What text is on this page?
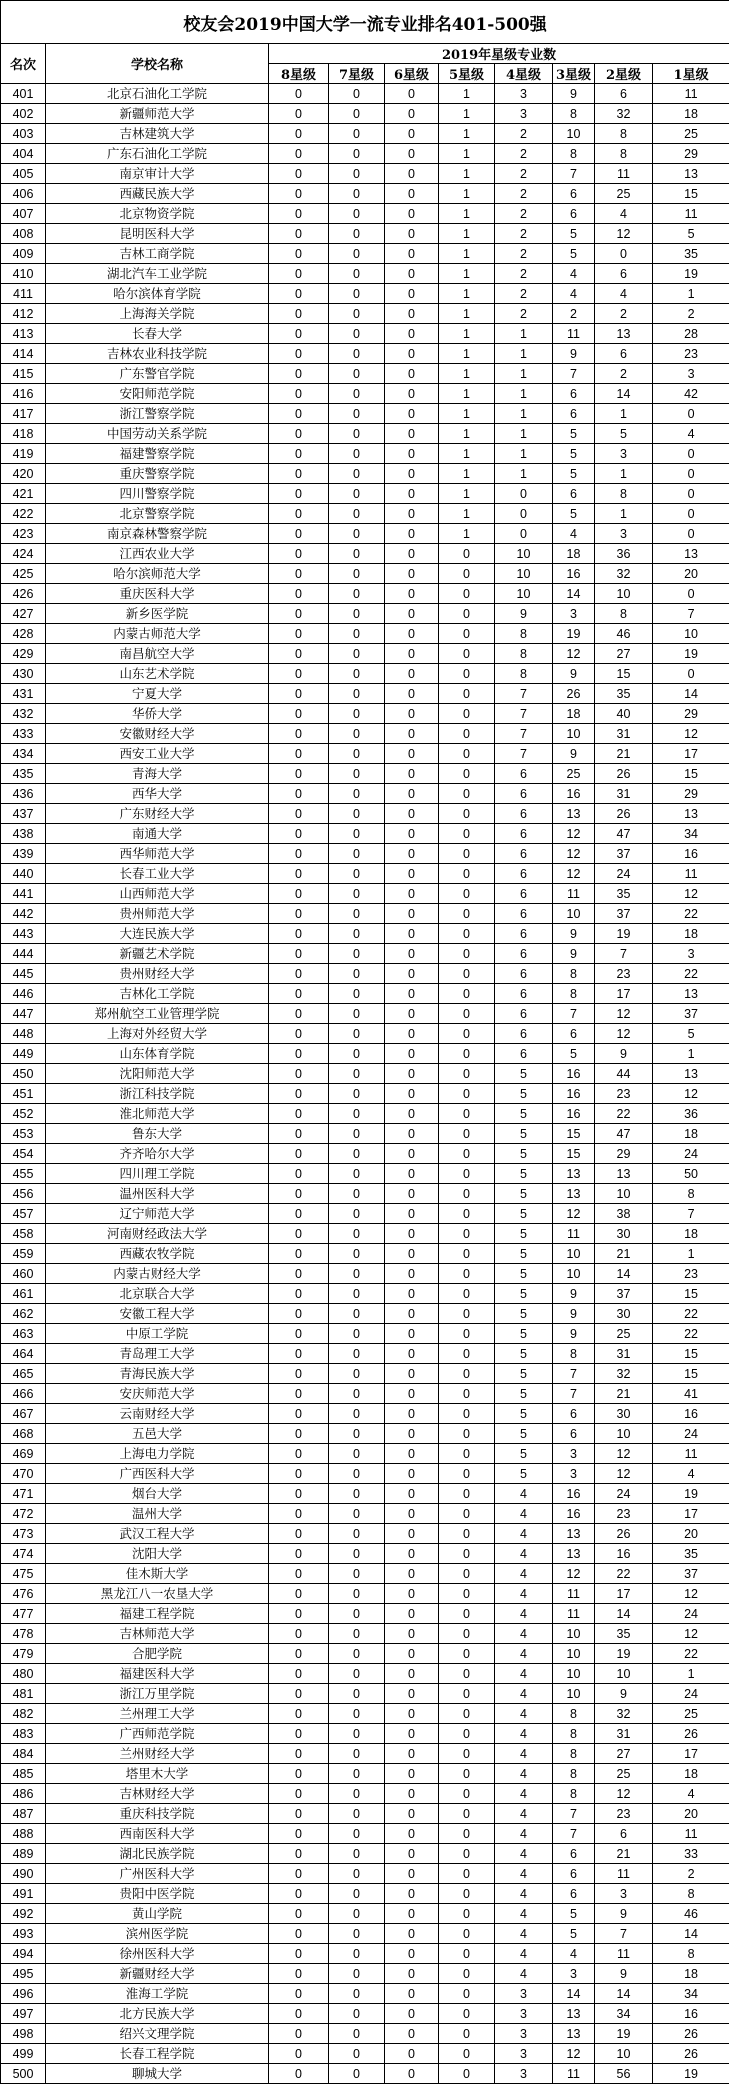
校友会2019中国大学一流专业排名401-500强									
名次	学校名称	2019年星级专业数							
		8星级	7星级	6星级	5星级	4星级	3星级	2星级	1星级
401	北京石油化工学院	0	0	0	1	3	9	6	11
402	新疆师范大学	0	0	0	1	3	8	32	18
403	吉林建筑大学	0	0	0	1	2	10	8	25
404	广东石油化工学院	0	0	0	1	2	8	8	29
405	南京审计大学	0	0	0	1	2	7	11	13
406	西藏民族大学	0	0	0	1	2	6	25	15
407	北京物资学院	0	0	0	1	2	6	4	11
408	昆明医科大学	0	0	0	1	2	5	12	5
409	吉林工商学院	0	0	0	1	2	5	0	35
410	湖北汽车工业学院	0	0	0	1	2	4	6	19
411	哈尔滨体育学院	0	0	0	1	2	4	4	1
412	上海海关学院	0	0	0	1	2	2	2	2
413	长春大学	0	0	0	1	1	11	13	28
414	吉林农业科技学院	0	0	0	1	1	9	6	23
415	广东警官学院	0	0	0	1	1	7	2	3
416	安阳师范学院	0	0	0	1	1	6	14	42
417	浙江警察学院	0	0	0	1	1	6	1	0
418	中国劳动关系学院	0	0	0	1	1	5	5	4
419	福建警察学院	0	0	0	1	1	5	3	0
420	重庆警察学院	0	0	0	1	1	5	1	0
421	四川警察学院	0	0	0	1	0	6	8	0
422	北京警察学院	0	0	0	1	0	5	1	0
423	南京森林警察学院	0	0	0	1	0	4	3	0
424	江西农业大学	0	0	0	0	10	18	36	13
425	哈尔滨师范大学	0	0	0	0	10	16	32	20
426	重庆医科大学	0	0	0	0	10	14	10	0
427	新乡医学院	0	0	0	0	9	3	8	7
428	内蒙古师范大学	0	0	0	0	8	19	46	10
429	南昌航空大学	0	0	0	0	8	12	27	19
430	山东艺术学院	0	0	0	0	8	9	15	0
431	宁夏大学	0	0	0	0	7	26	35	14
432	华侨大学	0	0	0	0	7	18	40	29
433	安徽财经大学	0	0	0	0	7	10	31	12
434	西安工业大学	0	0	0	0	7	9	21	17
435	青海大学	0	0	0	0	6	25	26	15
436	西华大学	0	0	0	0	6	16	31	29
437	广东财经大学	0	0	0	0	6	13	26	13
438	南通大学	0	0	0	0	6	12	47	34
439	西华师范大学	0	0	0	0	6	12	37	16
440	长春工业大学	0	0	0	0	6	12	24	11
441	山西师范大学	0	0	0	0	6	11	35	12
442	贵州师范大学	0	0	0	0	6	10	37	22
443	大连民族大学	0	0	0	0	6	9	19	18
444	新疆艺术学院	0	0	0	0	6	9	7	3
445	贵州财经大学	0	0	0	0	6	8	23	22
446	吉林化工学院	0	0	0	0	6	8	17	13
447	郑州航空工业管理学院	0	0	0	0	6	7	12	37
448	上海对外经贸大学	0	0	0	0	6	6	12	5
449	山东体育学院	0	0	0	0	6	5	9	1
450	沈阳师范大学	0	0	0	0	5	16	44	13
451	浙江科技学院	0	0	0	0	5	16	23	12
452	淮北师范大学	0	0	0	0	5	16	22	36
453	鲁东大学	0	0	0	0	5	15	47	18
454	齐齐哈尔大学	0	0	0	0	5	15	29	24
455	四川理工学院	0	0	0	0	5	13	13	50
456	温州医科大学	0	0	0	0	5	13	10	8
457	辽宁师范大学	0	0	0	0	5	12	38	7
458	河南财经政法大学	0	0	0	0	5	11	30	18
459	西藏农牧学院	0	0	0	0	5	10	21	1
460	内蒙古财经大学	0	0	0	0	5	10	14	23
461	北京联合大学	0	0	0	0	5	9	37	15
462	安徽工程大学	0	0	0	0	5	9	30	22
463	中原工学院	0	0	0	0	5	9	25	22
464	青岛理工大学	0	0	0	0	5	8	31	15
465	青海民族大学	0	0	0	0	5	7	32	15
466	安庆师范大学	0	0	0	0	5	7	21	41
467	云南财经大学	0	0	0	0	5	6	30	16
468	五邑大学	0	0	0	0	5	6	10	24
469	上海电力学院	0	0	0	0	5	3	12	11
470	广西医科大学	0	0	0	0	5	3	12	4
471	烟台大学	0	0	0	0	4	16	24	19
472	温州大学	0	0	0	0	4	16	23	17
473	武汉工程大学	0	0	0	0	4	13	26	20
474	沈阳大学	0	0	0	0	4	13	16	35
475	佳木斯大学	0	0	0	0	4	12	22	37
476	黑龙江八一农垦大学	0	0	0	0	4	11	17	12
477	福建工程学院	0	0	0	0	4	11	14	24
478	吉林师范大学	0	0	0	0	4	10	35	12
479	合肥学院	0	0	0	0	4	10	19	22
480	福建医科大学	0	0	0	0	4	10	10	1
481	浙江万里学院	0	0	0	0	4	10	9	24
482	兰州理工大学	0	0	0	0	4	8	32	25
483	广西师范学院	0	0	0	0	4	8	31	26
484	兰州财经大学	0	0	0	0	4	8	27	17
485	塔里木大学	0	0	0	0	4	8	25	18
486	吉林财经大学	0	0	0	0	4	8	12	4
487	重庆科技学院	0	0	0	0	4	7	23	20
488	西南医科大学	0	0	0	0	4	7	6	11
489	湖北民族学院	0	0	0	0	4	6	21	33
490	广州医科大学	0	0	0	0	4	6	11	2
491	贵阳中医学院	0	0	0	0	4	6	3	8
492	黄山学院	0	0	0	0	4	5	9	46
493	滨州医学院	0	0	0	0	4	5	7	14
494	徐州医科大学	0	0	0	0	4	4	11	8
495	新疆财经大学	0	0	0	0	4	3	9	18
496	淮海工学院	0	0	0	0	3	14	14	34
497	北方民族大学	0	0	0	0	3	13	34	16
498	绍兴文理学院	0	0	0	0	3	13	19	26
499	长春工程学院	0	0	0	0	3	12	10	26
500	聊城大学	0	0	0	0	3	11	56	19
